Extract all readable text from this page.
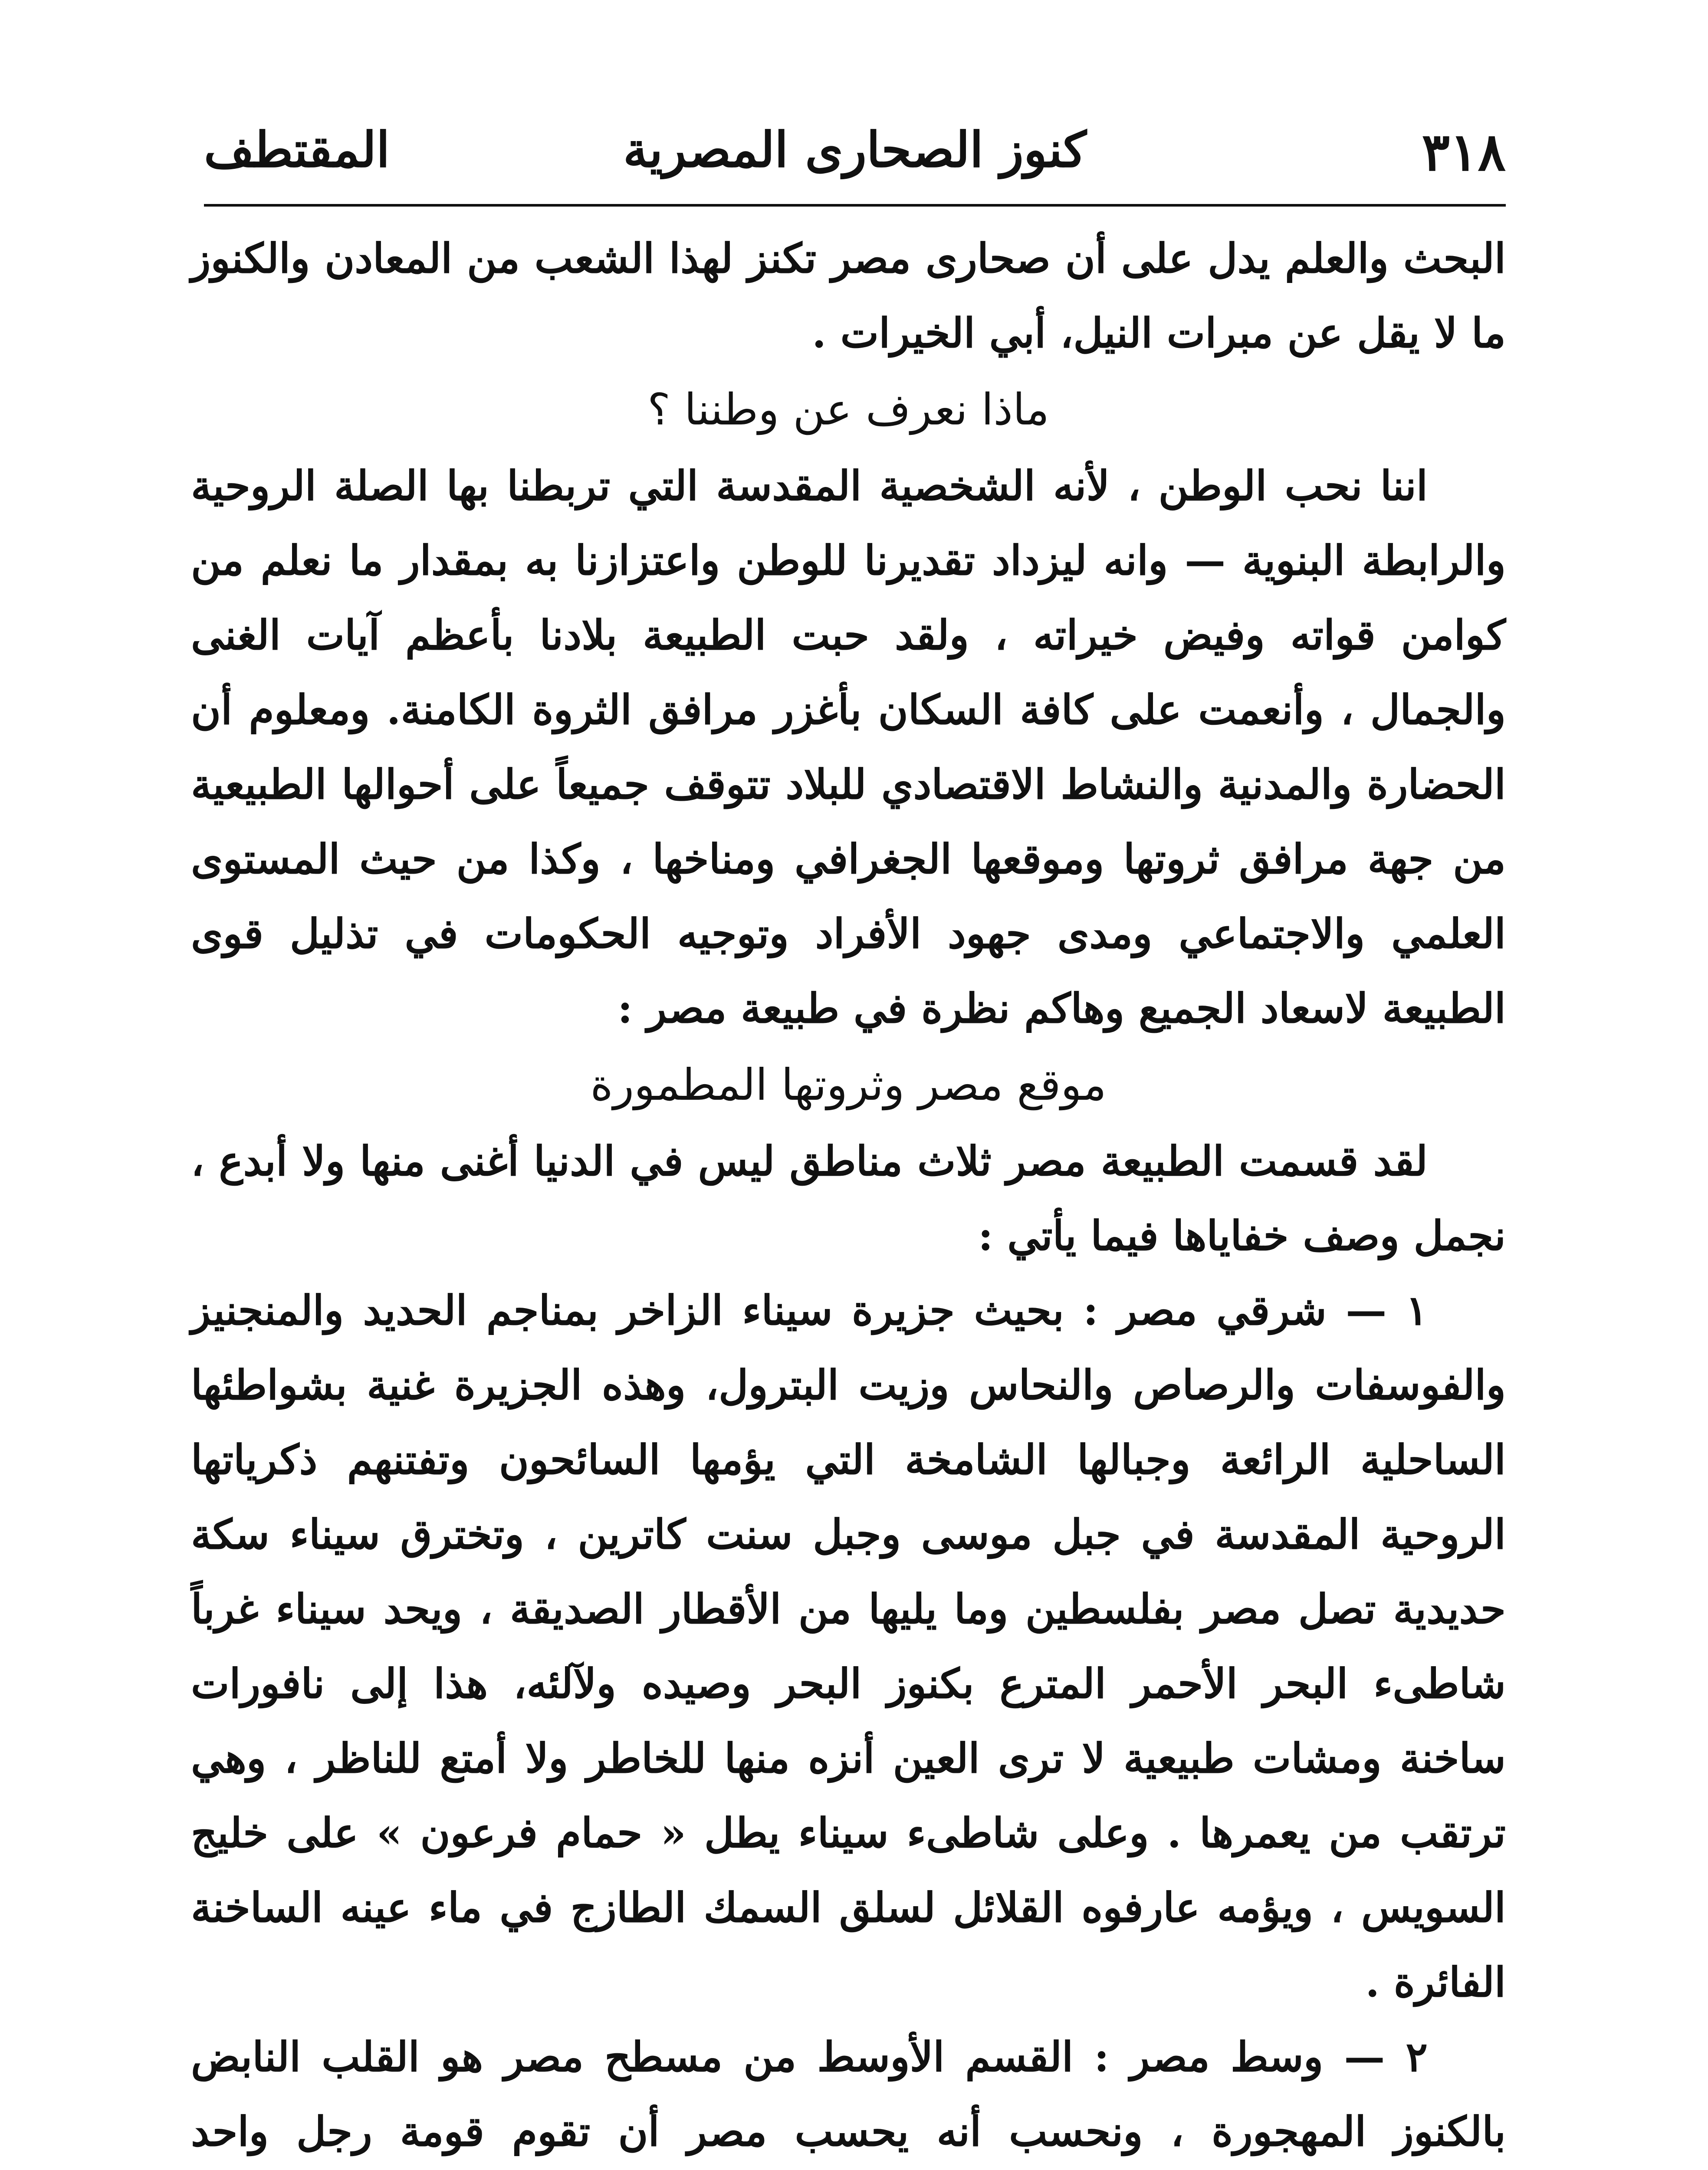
٣١٨
كنوز الصحارى المصرية
المقتطف

البحث والعلم يدل على أن صحارى مصر تكنز لهذا الشعب من المعادن والكنوز ما لا يقل عن مبرات النيل، أبي الخيرات .

ماذا نعرف عن وطننا ؟

اننا نحب الوطن ، لأنه الشخصية المقدسة التي تربطنا بها الصلة الروحية والرابطة البنوية — وانه ليزداد تقديرنا للوطن واعتزازنا به بمقدار ما نعلم من كوامن قواته وفيض خيراته ، ولقد حبت الطبيعة بلادنا بأعظم آيات الغنى والجمال ، وأنعمت على كافة السكان بأغزر مرافق الثروة الكامنة. ومعلوم أن الحضارة والمدنية والنشاط الاقتصادي للبلاد تتوقف جميعاً على أحوالها الطبيعية من جهة مرافق ثروتها وموقعها الجغرافي ومناخها ، وكذا من حيث المستوى العلمي والاجتماعي ومدى جهود الأفراد وتوجيه الحكومات في تذليل قوى الطبيعة لاسعاد الجميع وهاكم نظرة في طبيعة مصر :

موقع مصر وثروتها المطمورة

لقد قسمت الطبيعة مصر ثلاث مناطق ليس في الدنيا أغنى منها ولا أبدع ، نجمل وصف خفاياها فيما يأتي :

١ — شرقي مصر : بحيث جزيرة سيناء الزاخر بمناجم الحديد والمنجنيز والفوسفات والرصاص والنحاس وزيت البترول، وهذه الجزيرة غنية بشواطئها الساحلية الرائعة وجبالها الشامخة التي يؤمها السائحون وتفتنهم ذكرياتها الروحية المقدسة في جبل موسى وجبل سنت كاترين ، وتخترق سيناء سكة حديدية تصل مصر بفلسطين وما يليها من الأقطار الصديقة ، ويحد سيناء غرباً شاطىء البحر الأحمر المترع بكنوز البحر وصيده ولآلئه، هذا إلى نافورات ساخنة ومشات طبيعية لا ترى العين أنزه منها للخاطر ولا أمتع للناظر ، وهي ترتقب من يعمرها . وعلى شاطىء سيناء يطل « حمام فرعون » على خليج السويس ، ويؤمه عارفوه القلائل لسلق السمك الطازج في ماء عينه الساخنة الفائرة .

٢ — وسط مصر : القسم الأوسط من مسطح مصر هو القلب النابض بالكنوز المهجورة ، ونحسب أنه يحسب مصر أن تقوم قومة رجل واحد
